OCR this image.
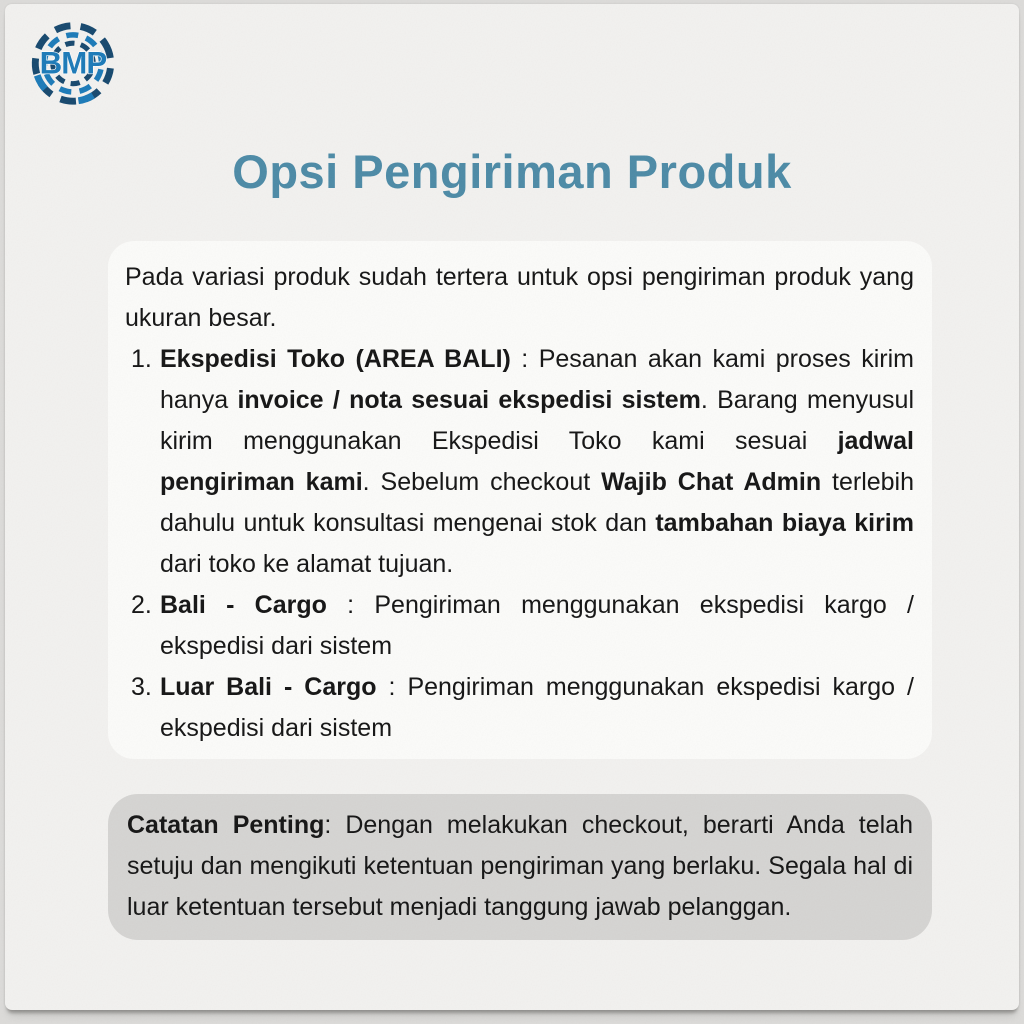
BMP
Opsi Pengiriman Produk

Pada variasi produk sudah tertera untuk opsi pengiriman produk yang ukuran besar.

1. Ekspedisi Toko (AREA BALI) : Pesanan akan kami proses kirim hanya invoice / nota sesuai ekspedisi sistem. Barang menyusul kirim menggunakan Ekspedisi Toko kami sesuai jadwal pengiriman kami. Sebelum checkout Wajib Chat Admin terlebih dahulu untuk konsultasi mengenai stok dan tambahan biaya kirim dari toko ke alamat tujuan.
2. Bali - Cargo : Pengiriman menggunakan ekspedisi kargo / ekspedisi dari sistem
3. Luar Bali - Cargo : Pengiriman menggunakan ekspedisi kargo / ekspedisi dari sistem

Catatan Penting: Dengan melakukan checkout, berarti Anda telah setuju dan mengikuti ketentuan pengiriman yang berlaku. Segala hal di luar ketentuan tersebut menjadi tanggung jawab pelanggan.
